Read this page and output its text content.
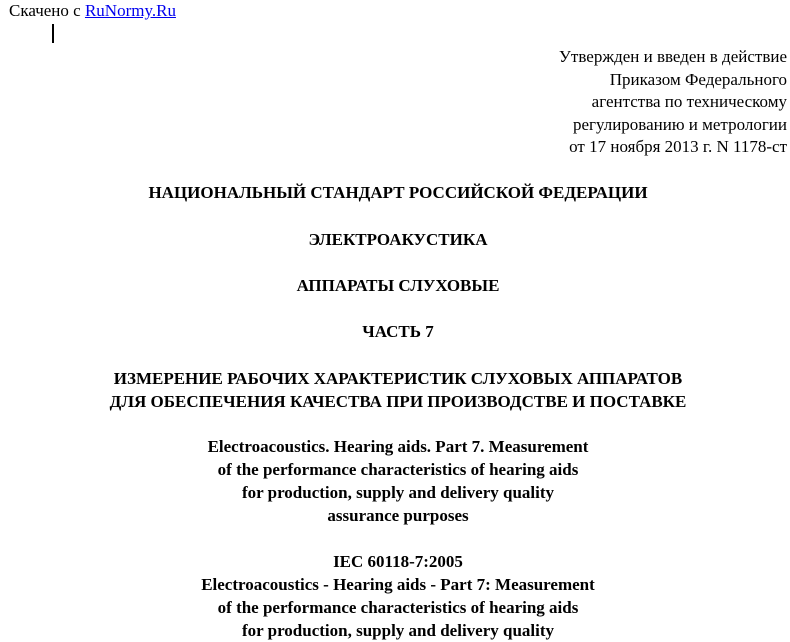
Скачено с RuNormy.Ru
Утвержден и введен в действие
Приказом Федерального
агентства по техническому
регулированию и метрологии
от 17 ноября 2013 г. N 1178-ст
НАЦИОНАЛЬНЫЙ СТАНДАРТ РОССИЙСКОЙ ФЕДЕРАЦИИ
ЭЛЕКТРОАКУСТИКА
АППАРАТЫ СЛУХОВЫЕ
ЧАСТЬ 7
ИЗМЕРЕНИЕ РАБОЧИХ ХАРАКТЕРИСТИК СЛУХОВЫХ АППАРАТОВ
ДЛЯ ОБЕСПЕЧЕНИЯ КАЧЕСТВА ПРИ ПРОИЗВОДСТВЕ И ПОСТАВКЕ
Electroacoustics. Hearing aids. Part 7. Measurement
of the performance characteristics of hearing aids
for production, supply and delivery quality
assurance purposes
IEC 60118-7:2005
Electroacoustics - Hearing aids - Part 7: Measurement
of the performance characteristics of hearing aids
for production, supply and delivery quality
